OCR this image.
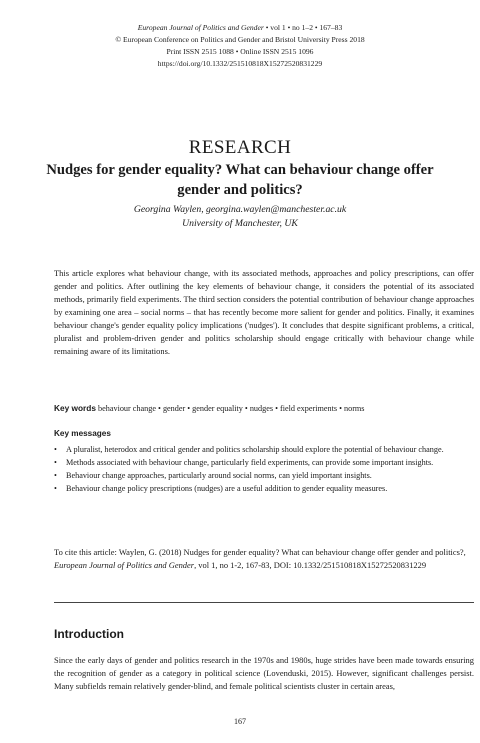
European Journal of Politics and Gender • vol 1 • no 1–2 • 167–83
© European Conference on Politics and Gender and Bristol University Press 2018
Print ISSN 2515 1088 • Online ISSN 2515 1096
https://doi.org/10.1332/251510818X15272520831229
RESEARCH
Nudges for gender equality? What can behaviour change offer gender and politics?
Georgina Waylen, georgina.waylen@manchester.ac.uk
University of Manchester, UK

This article explores what behaviour change, with its associated methods, approaches and policy prescriptions, can offer gender and politics. After outlining the key elements of behaviour change, it considers the potential of its associated methods, primarily field experiments. The third section considers the potential contribution of behaviour change approaches by examining one area – social norms – that has recently become more salient for gender and politics. Finally, it examines behaviour change's gender equality policy implications ('nudges'). It concludes that despite significant problems, a critical, pluralist and problem-driven gender and politics scholarship should engage critically with behaviour change while remaining aware of its limitations.

Key words behaviour change • gender • gender equality • nudges • field experiments • norms
Key messages
• A pluralist, heterodox and critical gender and politics scholarship should explore the potential of behaviour change.
• Methods associated with behaviour change, particularly field experiments, can provide some important insights.
• Behaviour change approaches, particularly around social norms, can yield important insights.
• Behaviour change policy prescriptions (nudges) are a useful addition to gender equality measures.
To cite this article: Waylen, G. (2018) Nudges for gender equality? What can behaviour change offer gender and politics?, European Journal of Politics and Gender, vol 1, no 1-2, 167-83, DOI: 10.1332/251510818X15272520831229
Introduction

Since the early days of gender and politics research in the 1970s and 1980s, huge strides have been made towards ensuring the recognition of gender as a category in political science (Lovenduski, 2015). However, significant challenges persist. Many subfields remain relatively gender-blind, and female political scientists cluster in certain areas,

167
